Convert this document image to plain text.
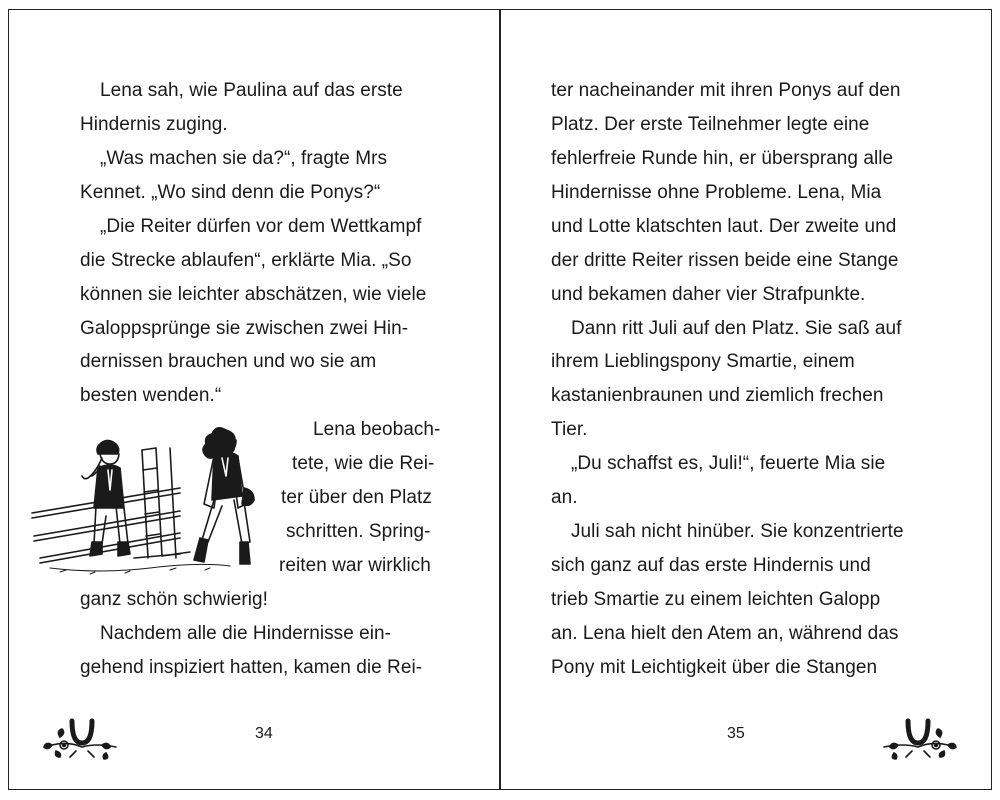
Lena sah, wie Paulina auf das erste
Hindernis zuging.
„Was machen sie da?“, fragte Mrs
Kennet. „Wo sind denn die Ponys?“
„Die Reiter dürfen vor dem Wettkampf
die Strecke ablaufen“, erklärte Mia. „So
können sie leichter abschätzen, wie viele
Galoppsprünge sie zwischen zwei Hin-
dernissen brauchen und wo sie am
besten wenden.“
Lena beobach-
tete, wie die Rei-
ter über den Platz
schritten. Spring-
reiten war wirklich
ganz schön schwierig!
Nachdem alle die Hindernisse ein-
gehend inspiziert hatten, kamen die Rei-
34
ter nacheinander mit ihren Ponys auf den
Platz. Der erste Teilnehmer legte eine
fehlerfreie Runde hin, er übersprang alle
Hindernisse ohne Probleme. Lena, Mia
und Lotte klatschten laut. Der zweite und
der dritte Reiter rissen beide eine Stange
und bekamen daher vier Strafpunkte.
Dann ritt Juli auf den Platz. Sie saß auf
ihrem Lieblingspony Smartie, einem
kastanienbraunen und ziemlich frechen
Tier.
„Du schaffst es, Juli!“, feuerte Mia sie
an.
Juli sah nicht hinüber. Sie konzentrierte
sich ganz auf das erste Hindernis und
trieb Smartie zu einem leichten Galopp
an. Lena hielt den Atem an, während das
Pony mit Leichtigkeit über die Stangen
35
